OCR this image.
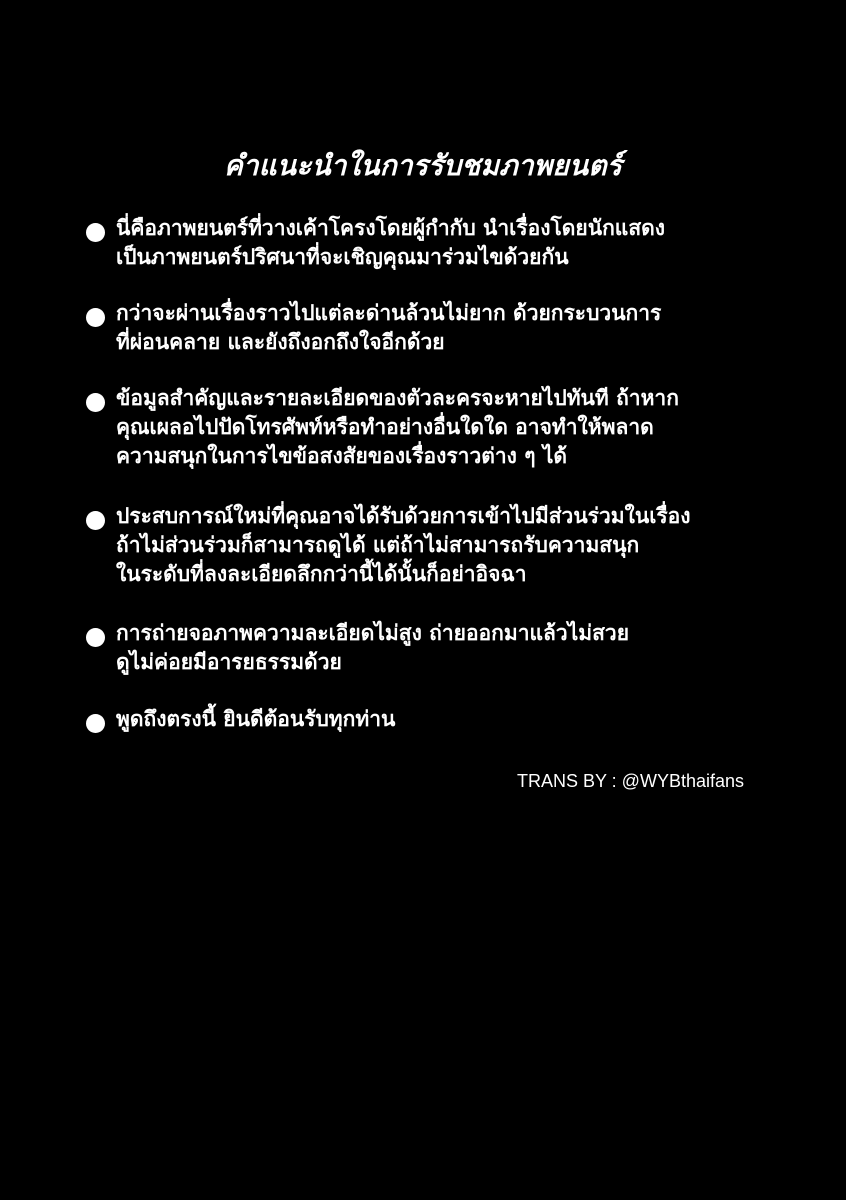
คำแนะนำในการรับชมภาพยนตร์
นี่คือภาพยนตร์ที่วางเค้าโครงโดยผู้กำกับ นำเรื่องโดยนักแสดง
เป็นภาพยนตร์ปริศนาที่จะเชิญคุณมาร่วมไขด้วยกัน
กว่าจะผ่านเรื่องราวไปแต่ละด่านล้วนไม่ยาก ด้วยกระบวนการ
ที่ผ่อนคลาย และยังถึงอกถึงใจอีกด้วย
ข้อมูลสำคัญและรายละเอียดของตัวละครจะหายไปทันที ถ้าหาก
คุณเผลอไปปัดโทรศัพท์หรือทำอย่างอื่นใดใด อาจทำให้พลาด
ความสนุกในการไขข้อสงสัยของเรื่องราวต่าง ๆ ได้
ประสบการณ์ใหม่ที่คุณอาจได้รับด้วยการเข้าไปมีส่วนร่วมในเรื่อง
ถ้าไม่ส่วนร่วมก็สามารถดูได้ แต่ถ้าไม่สามารถรับความสนุก
ในระดับที่ลงละเอียดลึกกว่านี้ได้นั้นก็อย่าอิจฉา
การถ่ายจอภาพความละเอียดไม่สูง ถ่ายออกมาแล้วไม่สวย
ดูไม่ค่อยมีอารยธรรมด้วย
พูดถึงตรงนี้ ยินดีต้อนรับทุกท่าน
TRANS BY : @WYBthaifans
